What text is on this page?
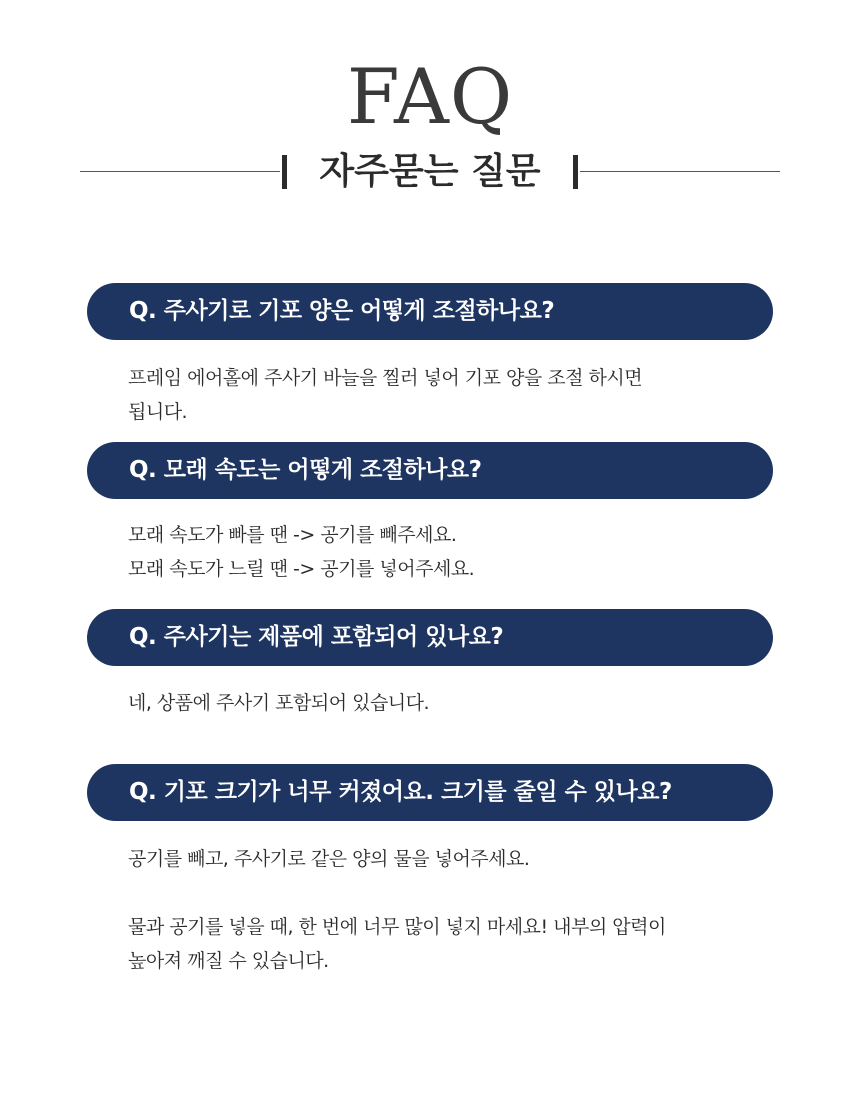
FAQ
자주묻는 질문
Q. 주사기로 기포 양은 어떻게 조절하나요?

프레임 에어홀에 주사기 바늘을 찔러 넣어 기포 양을 조절 하시면
됩니다.

Q. 모래 속도는 어떻게 조절하나요?

모래 속도가 빠를 땐 -> 공기를 빼주세요.
모래 속도가 느릴 땐 -> 공기를 넣어주세요.

Q. 주사기는 제품에 포함되어 있나요?

네, 상품에 주사기 포함되어 있습니다.

Q. 기포 크기가 너무 커졌어요. 크기를 줄일 수 있나요?

공기를 빼고, 주사기로 같은 양의 물을 넣어주세요.

물과 공기를 넣을 때, 한 번에 너무 많이 넣지 마세요! 내부의 압력이
높아져 깨질 수 있습니다.
